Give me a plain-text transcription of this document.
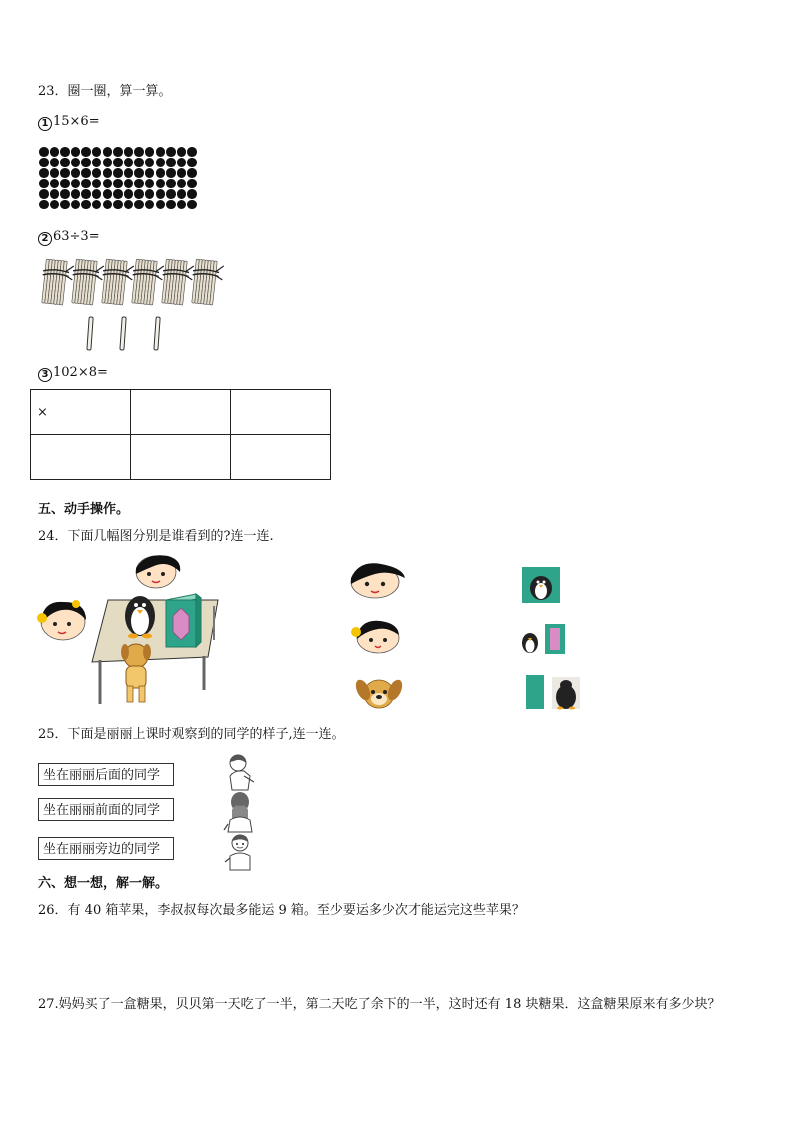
23．圈一圈，算一算。
1 15×6=
2 63÷3=
3 102×8=
×		

五、动手操作。
24．下面几幅图分别是谁看到的?连一连.
25．下面是丽丽上课时观察到的同学的样子,连一连。
坐在丽丽后面的同学
坐在丽丽前面的同学
坐在丽丽旁边的同学
六、想一想，解一解。
26．有 40 箱苹果，李叔叔每次最多能运 9 箱。至少要运多少次才能运完这些苹果？
27.妈妈买了一盒糖果，贝贝第一天吃了一半，第二天吃了余下的一半，这时还有 18 块糖果．这盒糖果原来有多少块？
